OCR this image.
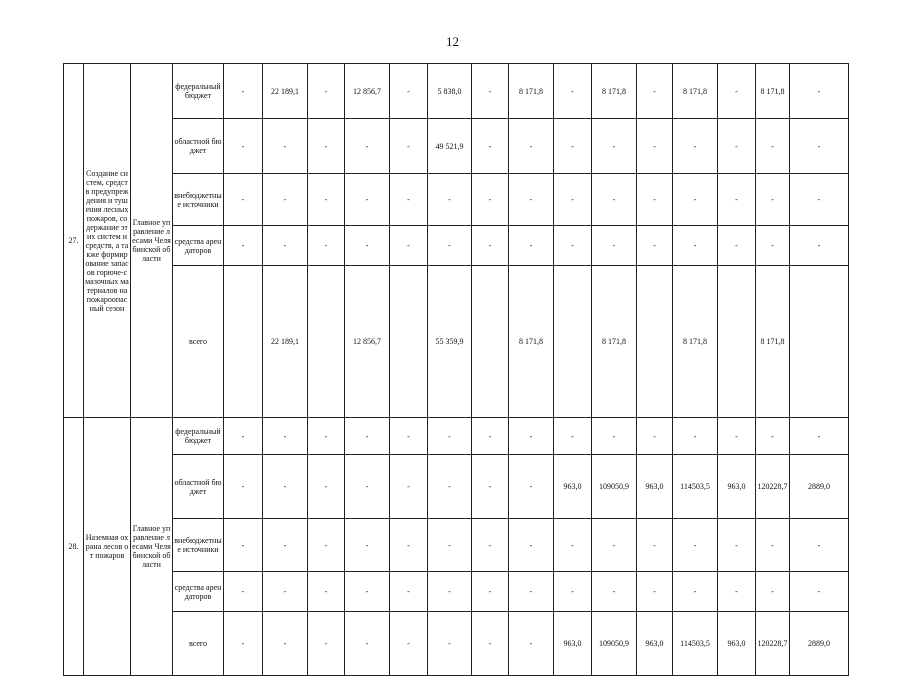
12
27.	Создание систем, средств предупреждения и тушения лесных пожаров, содержание этих систем и средств, а также формирование запасов горюче-смазочных материалов на пожароопасный сезон	Главное управление лесами Челябинской области	федеральный бюджет	-	22 189,1	-	12 856,7	-	5 838,0	-	8 171,8	-	8 171,8	-	8 171,8	-	8 171,8	-	
			областной бюджет	-	-	-	-	-	49 521,9	-	-	-	-	-	-	-	-	-	
			внебюджетные источники	-	-	-	-	-	-	-	-	-	-	-	-	-	-	-	
			средства арендаторов	-	-	-	-	-	-	-	-	-	-	-	-	-	-	-	
			всего		22 189,1		12 856,7		55 359,9		8 171,8		8 171,8		8 171,8		8 171,8		
28.	Наземная охрана лесов от пожаров	Главное управление лесами Челябинской области	федеральный бюджет	-	-	-	-	-	-	-	-	-	-	-	-	-	-	-	
			областной бюджет	-	-	-	-	-	-	-	-	963,0	109050,9	963,0	114503,5	963,0	120228,7	2889,0	
			внебюджетные источники	-	-	-	-	-	-	-	-	-	-	-	-	-	-	-	
			средства арендаторов	-	-	-	-	-	-	-	-	-	-	-	-	-	-	-	
			всего	-	-	-	-	-	-	-	-	963,0	109050,9	963,0	114503,5	963,0	120228,7	2889,0	
